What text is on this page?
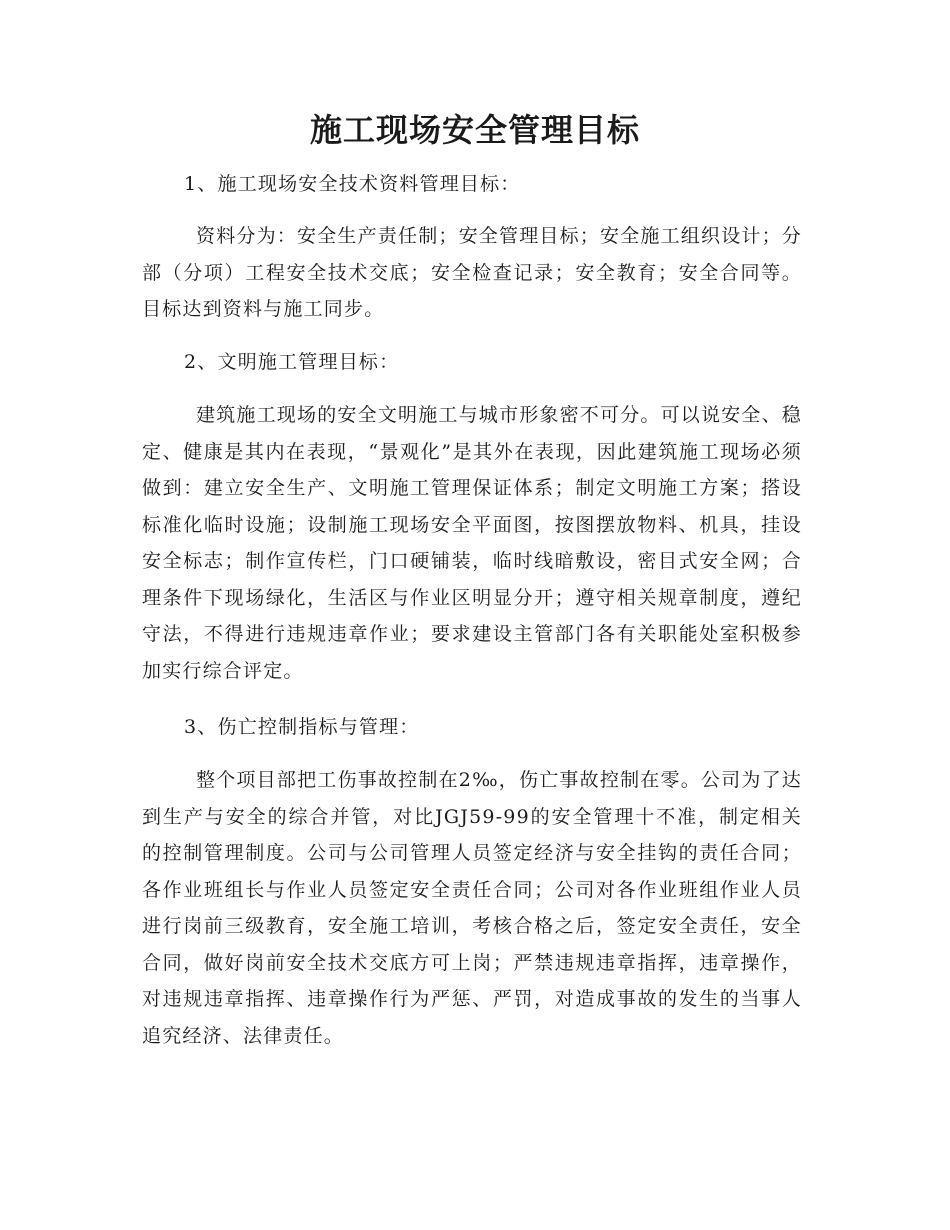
施工现场安全管理目标
1、施工现场安全技术资料管理目标：
资料分为：安全生产责任制；安全管理目标；安全施工组织设计；分部（分项）工程安全技术交底；安全检查记录；安全教育；安全合同等。目标达到资料与施工同步。
2、文明施工管理目标：
建筑施工现场的安全文明施工与城市形象密不可分。可以说安全、稳定、健康是其内在表现，“景观化”是其外在表现，因此建筑施工现场必须做到：建立安全生产、文明施工管理保证体系；制定文明施工方案；搭设标准化临时设施；设制施工现场安全平面图，按图摆放物料、机具，挂设安全标志；制作宣传栏，门口硬铺装，临时线暗敷设，密目式安全网；合理条件下现场绿化，生活区与作业区明显分开；遵守相关规章制度，遵纪守法，不得进行违规违章作业；要求建设主管部门各有关职能处室积极参加实行综合评定。
3、伤亡控制指标与管理：
整个项目部把工伤事故控制在2‰，伤亡事故控制在零。公司为了达到生产与安全的综合并管，对比JGJ59-99的安全管理十不准，制定相关的控制管理制度。公司与公司管理人员签定经济与安全挂钩的责任合同；各作业班组长与作业人员签定安全责任合同；公司对各作业班组作业人员进行岗前三级教育，安全施工培训，考核合格之后，签定安全责任，安全合同，做好岗前安全技术交底方可上岗；严禁违规违章指挥，违章操作，对违规违章指挥、违章操作行为严惩、严罚，对造成事故的发生的当事人追究经济、法律责任。
